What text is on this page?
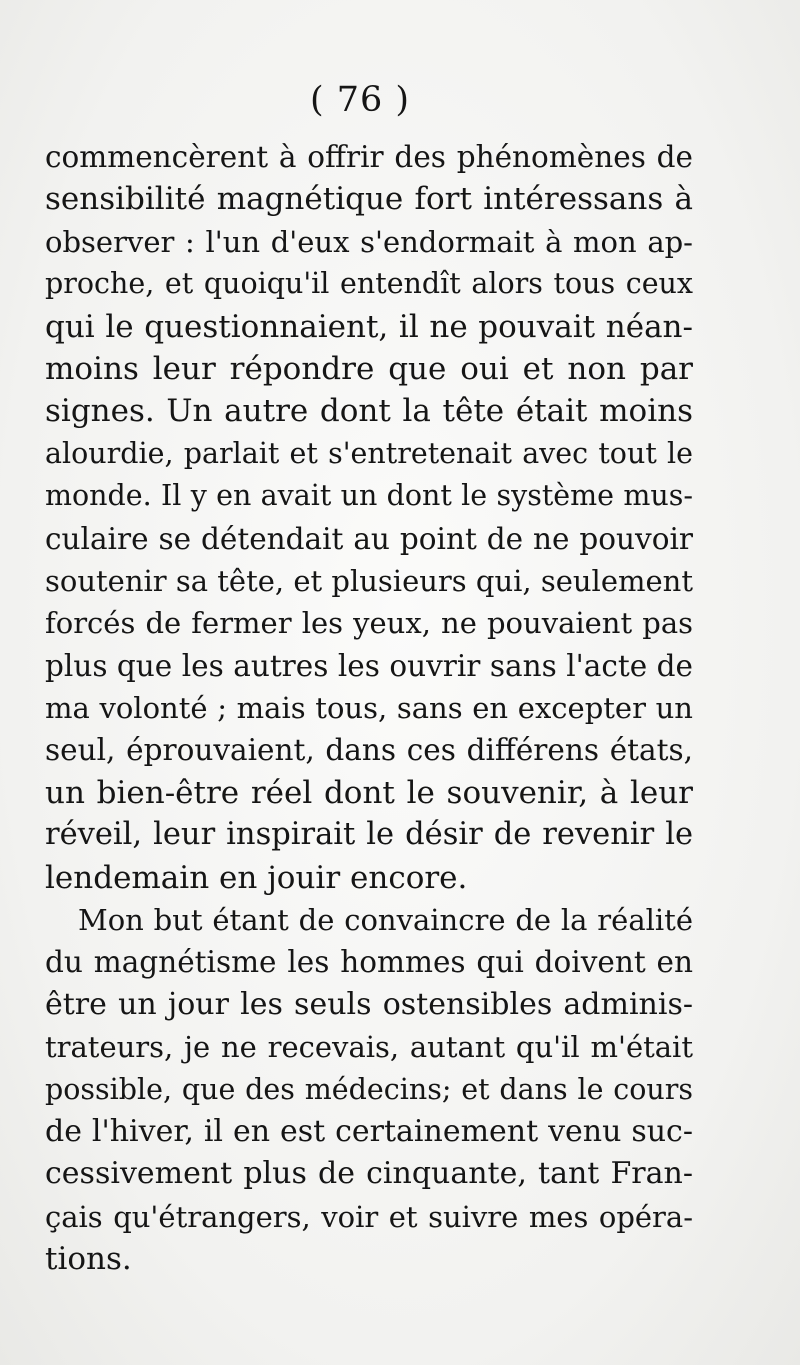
( 76 )
commencèrent à offrir des phénomènes de
sensibilité magnétique fort intéressans à
observer : l'un d'eux s'endormait à mon ap-
proche, et quoiqu'il entendît alors tous ceux
qui le questionnaient, il ne pouvait néan-
moins leur répondre que oui et non par
signes. Un autre dont la tête était moins
alourdie, parlait et s'entretenait avec tout le
monde. Il y en avait un dont le système mus-
culaire se détendait au point de ne pouvoir
soutenir sa tête, et plusieurs qui, seulement
forcés de fermer les yeux, ne pouvaient pas
plus que les autres les ouvrir sans l'acte de
ma volonté ; mais tous, sans en excepter un
seul, éprouvaient, dans ces différens états,
un bien-être réel dont le souvenir, à leur
réveil, leur inspirait le désir de revenir le
lendemain en jouir encore.
Mon but étant de convaincre de la réalité
du magnétisme les hommes qui doivent en
être un jour les seuls ostensibles adminis-
trateurs, je ne recevais, autant qu'il m'était
possible, que des médecins; et dans le cours
de l'hiver, il en est certainement venu suc-
cessivement plus de cinquante, tant Fran-
çais qu'étrangers, voir et suivre mes opéra-
tions.
